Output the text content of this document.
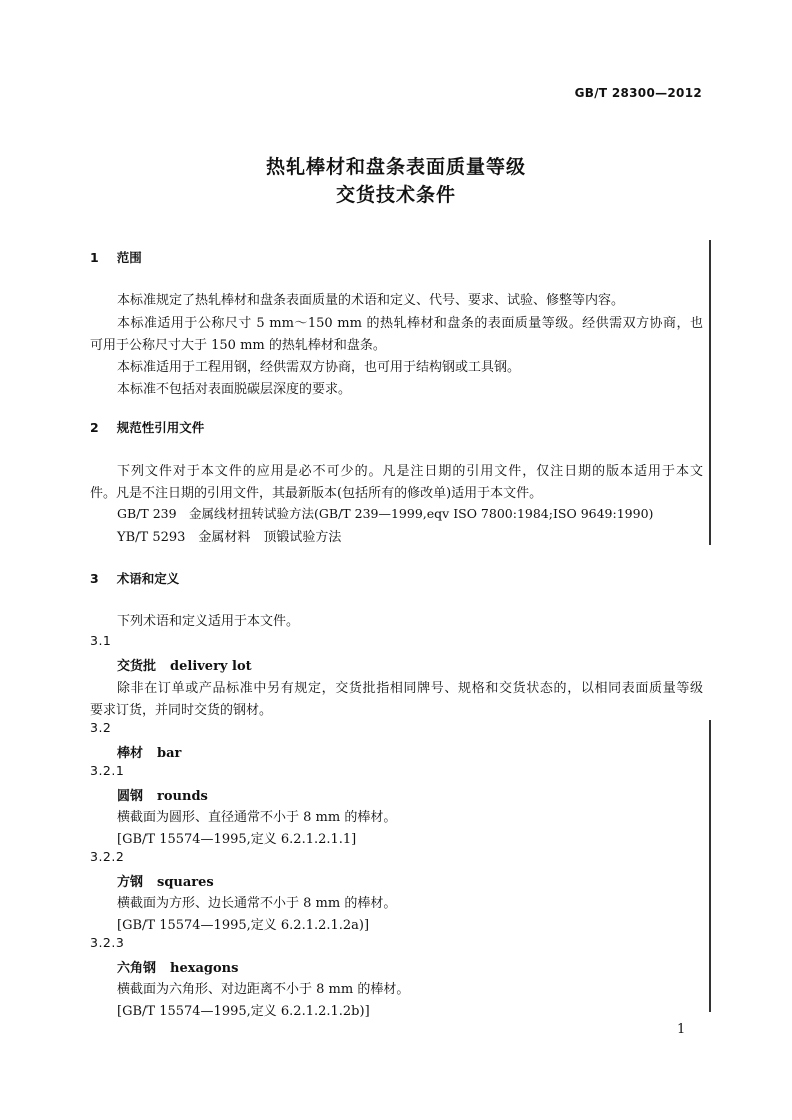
GB/T 28300—2012
热轧棒材和盘条表面质量等级
交货技术条件
1 范围
本标准规定了热轧棒材和盘条表面质量的术语和定义、代号、要求、试验、修整等内容。
本标准适用于公称尺寸 5 mm～150 mm 的热轧棒材和盘条的表面质量等级。经供需双方协商，也
可用于公称尺寸大于 150 mm 的热轧棒材和盘条。
本标准适用于工程用钢，经供需双方协商，也可用于结构钢或工具钢。
本标准不包括对表面脱碳层深度的要求。
2 规范性引用文件
下列文件对于本文件的应用是必不可少的。凡是注日期的引用文件，仅注日期的版本适用于本文
件。凡是不注日期的引用文件，其最新版本(包括所有的修改单)适用于本文件。
GB/T 239　金属线材扭转试验方法(GB/T 239—1999,eqv ISO 7800:1984;ISO 9649:1990)
YB/T 5293　金属材料　顶锻试验方法
3 术语和定义
下列术语和定义适用于本文件。
3.1
交货批 delivery lot
除非在订单或产品标准中另有规定，交货批指相同牌号、规格和交货状态的，以相同表面质量等级
要求订货，并同时交货的钢材。
3.2
棒材 bar
3.2.1
圆钢 rounds
横截面为圆形、直径通常不小于 8 mm 的棒材。
[GB/T 15574—1995,定义 6.2.1.2.1.1]
3.2.2
方钢 squares
横截面为方形、边长通常不小于 8 mm 的棒材。
[GB/T 15574—1995,定义 6.2.1.2.1.2a)]
3.2.3
六角钢 hexagons
横截面为六角形、对边距离不小于 8 mm 的棒材。
[GB/T 15574—1995,定义 6.2.1.2.1.2b)]
1
